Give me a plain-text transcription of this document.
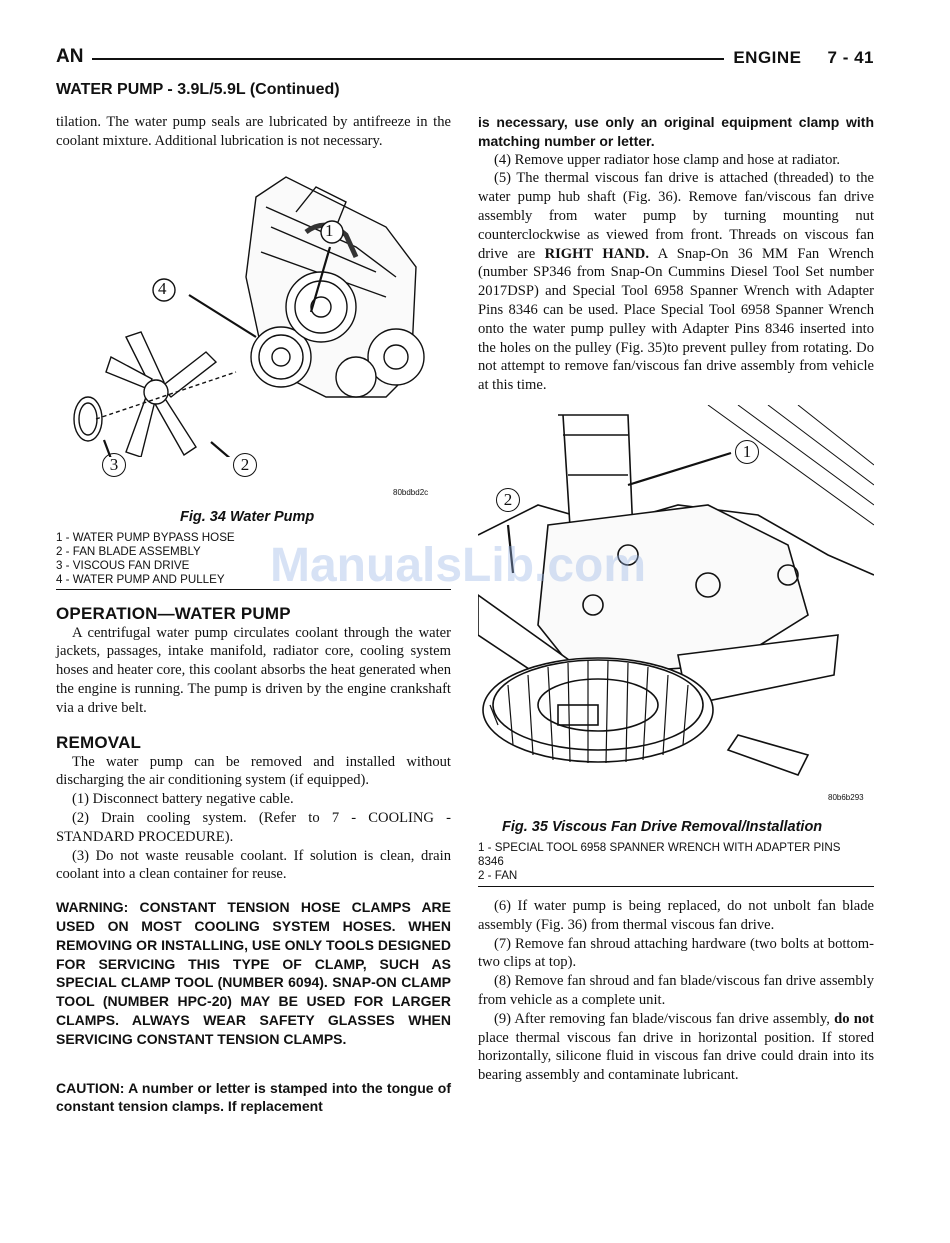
AN	ENGINE 7 - 41
WATER PUMP - 3.9L/5.9L (Continued)

tilation. The water pump seals are lubricated by antifreeze in the coolant mixture. Additional lubrication is not necessary.

1
4
3	2
80bdbd2c
Fig. 34 Water Pump
1 - WATER PUMP BYPASS HOSE
2 - FAN BLADE ASSEMBLY
3 - VISCOUS FAN DRIVE
4 - WATER PUMP AND PULLEY
OPERATION—WATER PUMP

A centrifugal water pump circulates coolant through the water jackets, passages, intake manifold, radiator core, cooling system hoses and heater core, this coolant absorbs the heat generated when the engine is running. The pump is driven by the engine crankshaft via a drive belt.

REMOVAL

The water pump can be removed and installed without discharging the air conditioning system (if equipped).

(1) Disconnect battery negative cable.

(2) Drain cooling system. (Refer to 7 - COOLING - STANDARD PROCEDURE).

(3) Do not waste reusable coolant. If solution is clean, drain coolant into a clean container for reuse.

WARNING: CONSTANT TENSION HOSE CLAMPS ARE USED ON MOST COOLING SYSTEM HOSES. WHEN REMOVING OR INSTALLING, USE ONLY TOOLS DESIGNED FOR SERVICING THIS TYPE OF CLAMP, SUCH AS SPECIAL CLAMP TOOL (NUMBER 6094). SNAP-ON CLAMP TOOL (NUMBER HPC-20) MAY BE USED FOR LARGER CLAMPS. ALWAYS WEAR SAFETY GLASSES WHEN SERVICING CONSTANT TENSION CLAMPS.

CAUTION: A number or letter is stamped into the tongue of constant tension clamps. If replacement

is necessary, use only an original equipment clamp with matching number or letter.

(4) Remove upper radiator hose clamp and hose at radiator.

(5) The thermal viscous fan drive is attached (threaded) to the water pump hub shaft (Fig. 36). Remove fan/viscous fan drive assembly from water pump by turning mounting nut counterclockwise as viewed from front. Threads on viscous fan drive are RIGHT HAND. A Snap-On 36 MM Fan Wrench (number SP346 from Snap-On Cummins Diesel Tool Set number 2017DSP) and Special Tool 6958 Spanner Wrench with Adapter Pins 8346 can be used. Place Special Tool 6958 Spanner Wrench onto the water pump pulley with Adapter Pins 8346 inserted into the holes on the pulley (Fig. 35)to prevent pulley from rotating. Do not attempt to remove fan/viscous fan drive assembly from vehicle at this time.

1
2
80b6b293
Fig. 35 Viscous Fan Drive Removal/Installation
1 - SPECIAL TOOL 6958 SPANNER WRENCH WITH ADAPTER PINS 8346
2 - FAN

(6) If water pump is being replaced, do not unbolt fan blade assembly (Fig. 36) from thermal viscous fan drive.

(7) Remove fan shroud attaching hardware (two bolts at bottom-two clips at top).

(8) Remove fan shroud and fan blade/viscous fan drive assembly from vehicle as a complete unit.

(9) After removing fan blade/viscous fan drive assembly, do not place thermal viscous fan drive in horizontal position. If stored horizontally, silicone fluid in viscous fan drive could drain into its bearing assembly and contaminate lubricant.

ManualsLib.com
